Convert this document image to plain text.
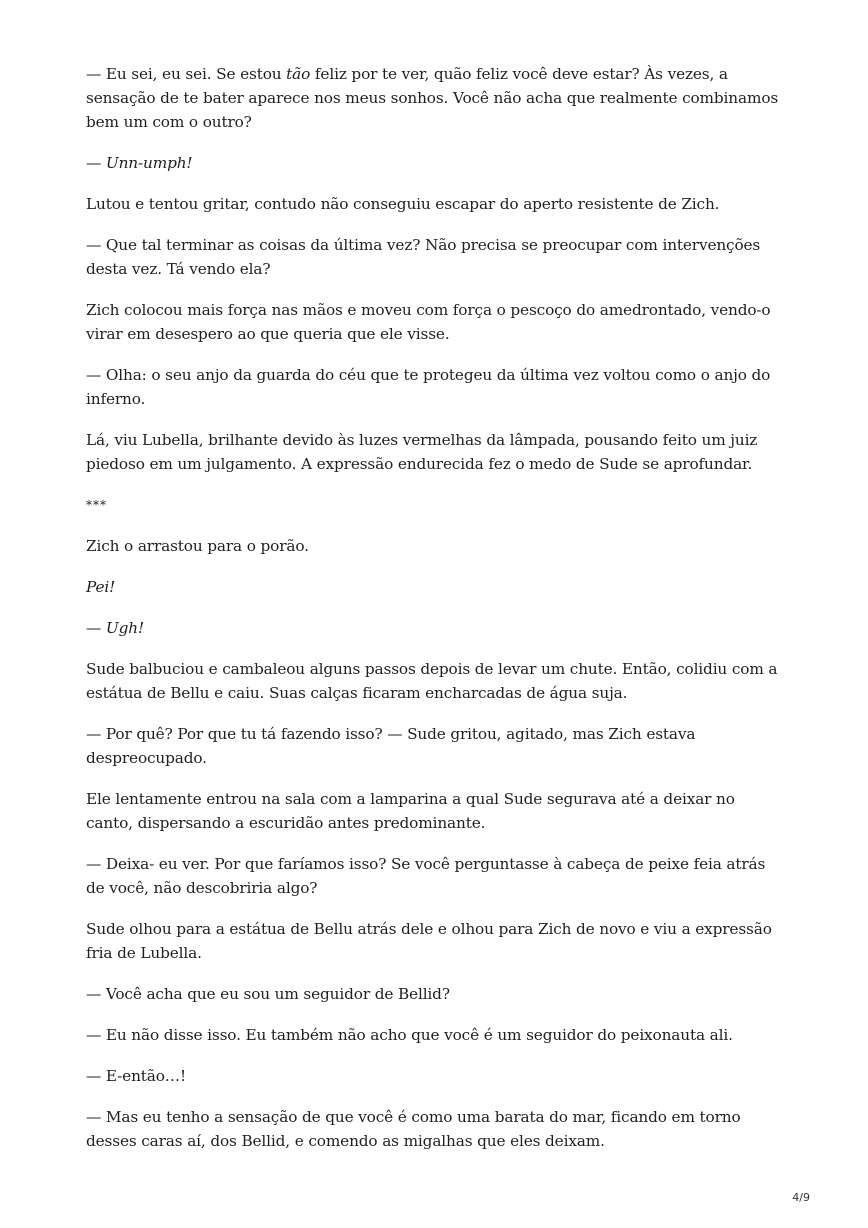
— Eu sei, eu sei. Se estou tão feliz por te ver, quão feliz você deve estar? Às vezes, a sensação de te bater aparece nos meus sonhos. Você não acha que realmente combinamos bem um com o outro?

— Unn-umph!

Lutou e tentou gritar, contudo não conseguiu escapar do aperto resistente de Zich.

— Que tal terminar as coisas da última vez? Não precisa se preocupar com intervenções desta vez. Tá vendo ela?

Zich colocou mais força nas mãos e moveu com força o pescoço do amedrontado, vendo-o virar em desespero ao que queria que ele visse.

— Olha: o seu anjo da guarda do céu que te protegeu da última vez voltou como o anjo do inferno.

Lá, viu Lubella, brilhante devido às luzes vermelhas da lâmpada, pousando feito um juiz piedoso em um julgamento. A expressão endurecida fez o medo de Sude se aprofundar.

***

Zich o arrastou para o porão.

Pei!

— Ugh!

Sude balbuciou e cambaleou alguns passos depois de levar um chute. Então, colidiu com a estátua de Bellu e caiu. Suas calças ficaram encharcadas de água suja.

— Por quê? Por que tu tá fazendo isso? — Sude gritou, agitado, mas Zich estava despreocupado.

Ele lentamente entrou na sala com a lamparina a qual Sude segurava até a deixar no canto, dispersando a escuridão antes predominante.

— Deixa- eu ver. Por que faríamos isso? Se você perguntasse à cabeça de peixe feia atrás de você, não descobriria algo?

Sude olhou para a estátua de Bellu atrás dele e olhou para Zich de novo e viu a expressão fria de Lubella.

— Você acha que eu sou um seguidor de Bellid?

— Eu não disse isso. Eu também não acho que você é um seguidor do peixonauta ali.

— E-então…!

— Mas eu tenho a sensação de que você é como uma barata do mar, ficando em torno desses caras aí, dos Bellid, e comendo as migalhas que eles deixam.

4/9
